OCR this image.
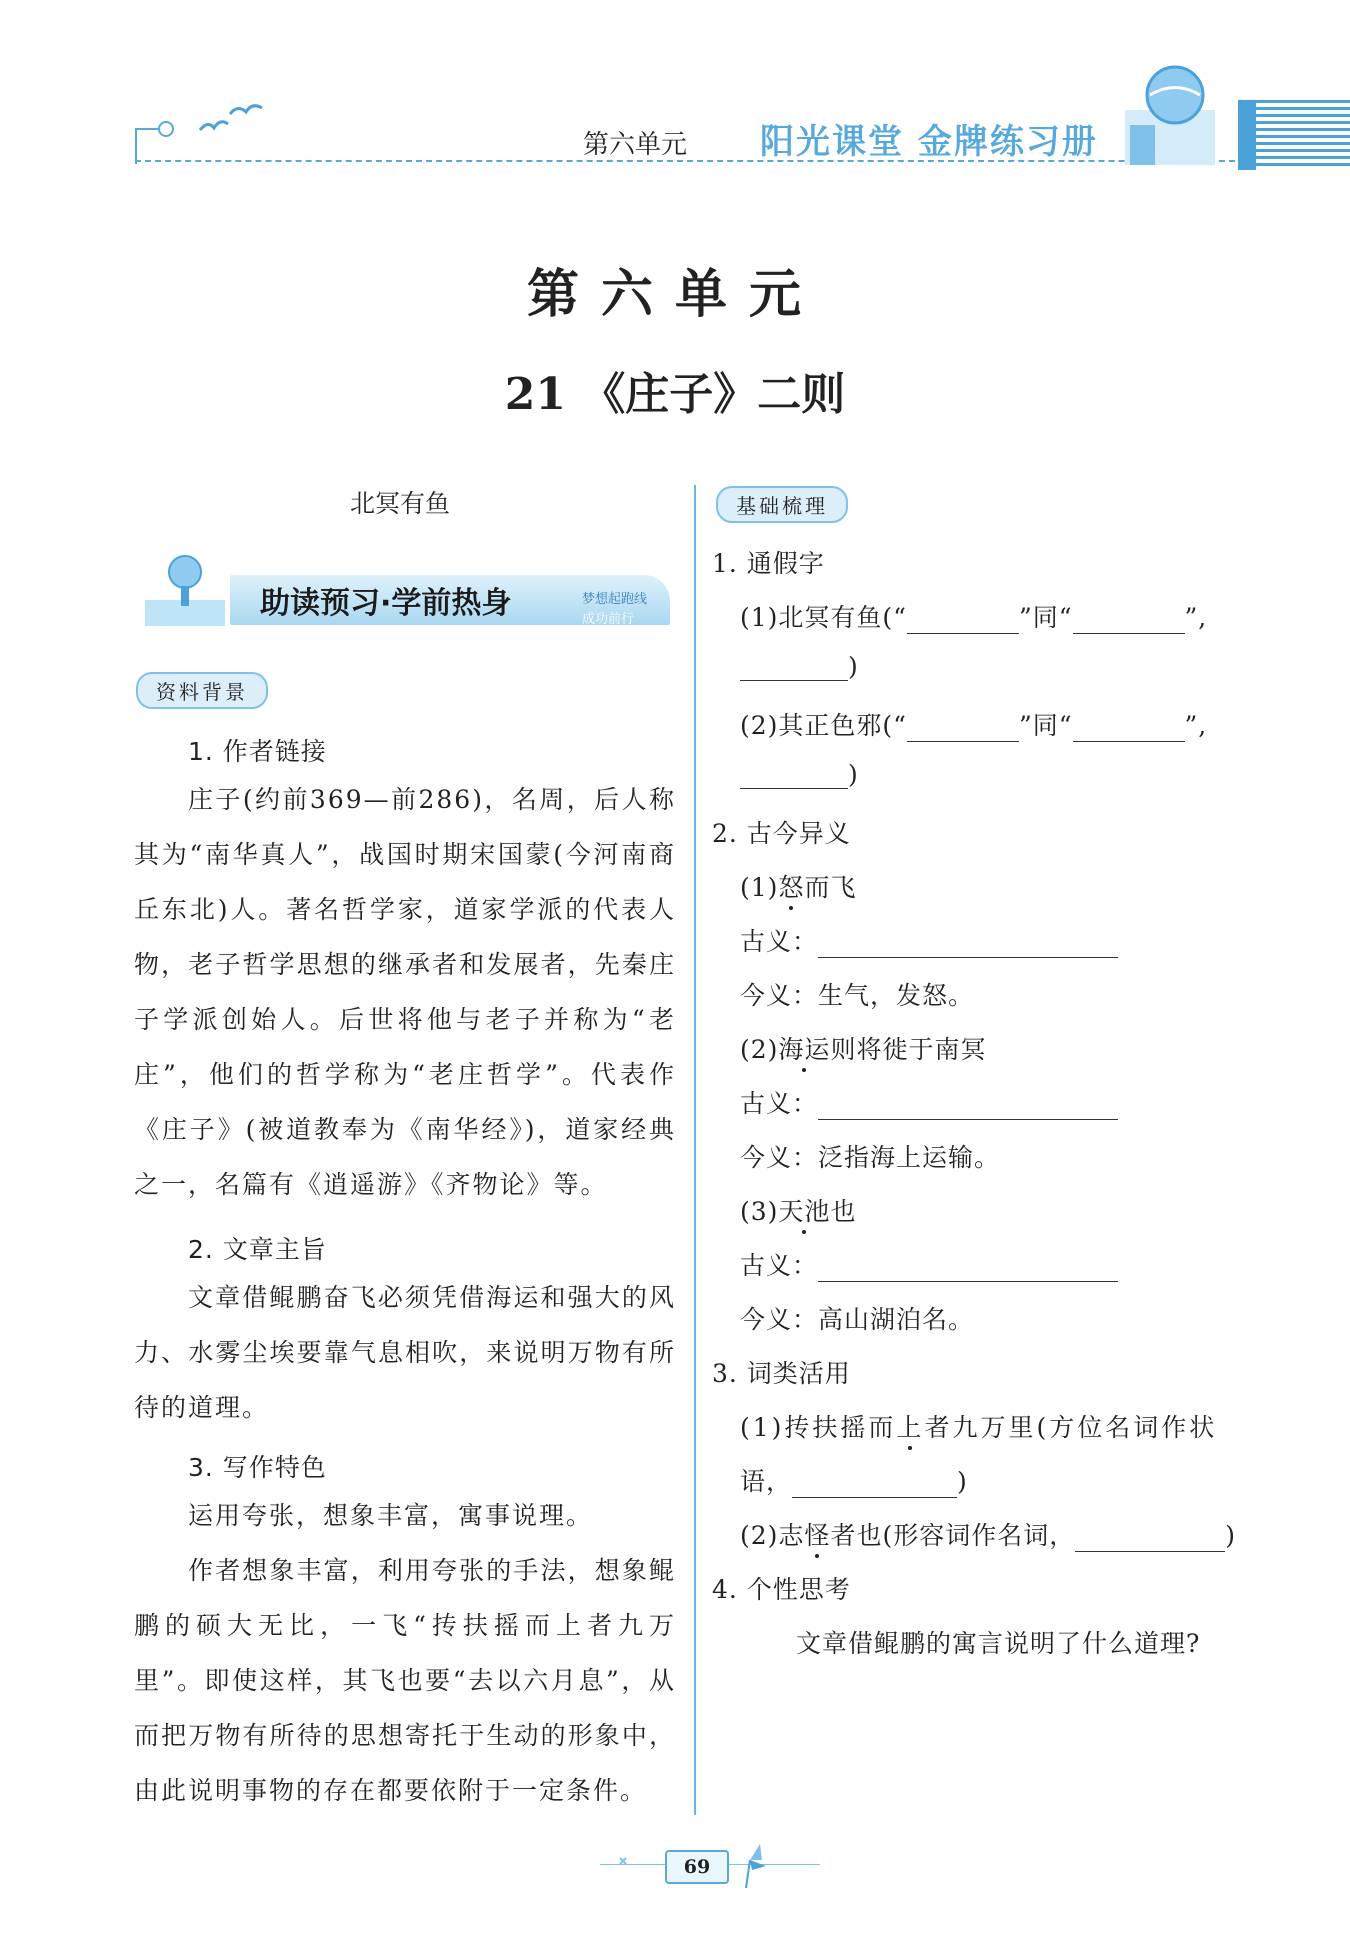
第六单元 阳光课堂 金牌练习册
第六单元
21 《庄子》二则
北冥有鱼
助读预习·学前热身	梦想起跑线
成功前行
资料背景
1. 作者链接
庄子(约前369—前286)，名周，后人称其为“南华真人”，战国时期宋国蒙(今河南商丘东北)人。著名哲学家，道家学派的代表人物，老子哲学思想的继承者和发展者，先秦庄子学派创始人。后世将他与老子并称为“老庄”，他们的哲学称为“老庄哲学”。代表作《庄子》(被道教奉为《南华经》)，道家经典之一，名篇有《逍遥游》《齐物论》等。
2. 文章主旨
文章借鲲鹏奋飞必须凭借海运和强大的风力、水雾尘埃要靠气息相吹，来说明万物有所待的道理。
3. 写作特色
运用夸张，想象丰富，寓事说理。
作者想象丰富，利用夸张的手法，想象鲲鹏的硕大无比，一飞“抟扶摇而上者九万里”。即使这样，其飞也要“去以六月息”，从而把万物有所待的思想寄托于生动的形象中，由此说明事物的存在都要依附于一定条件。
基础梳理
1. 通假字
(1)北冥有鱼(“	”同“	”,
)
(2)其正色邪(“	”同“	”,
)
2. 古今异义
(1)怒而飞
古义：
今义：生气，发怒。
(2)海运则将徙于南冥
古义：
今义：泛指海上运输。
(3)天池也
古义：
今义：高山湖泊名。
3. 词类活用
(1)抟扶摇而上者九万里(方位名词作状
语，	)
(2)志怪者也(形容词作名词，	)
4. 个性思考
文章借鲲鹏的寓言说明了什么道理?
69
